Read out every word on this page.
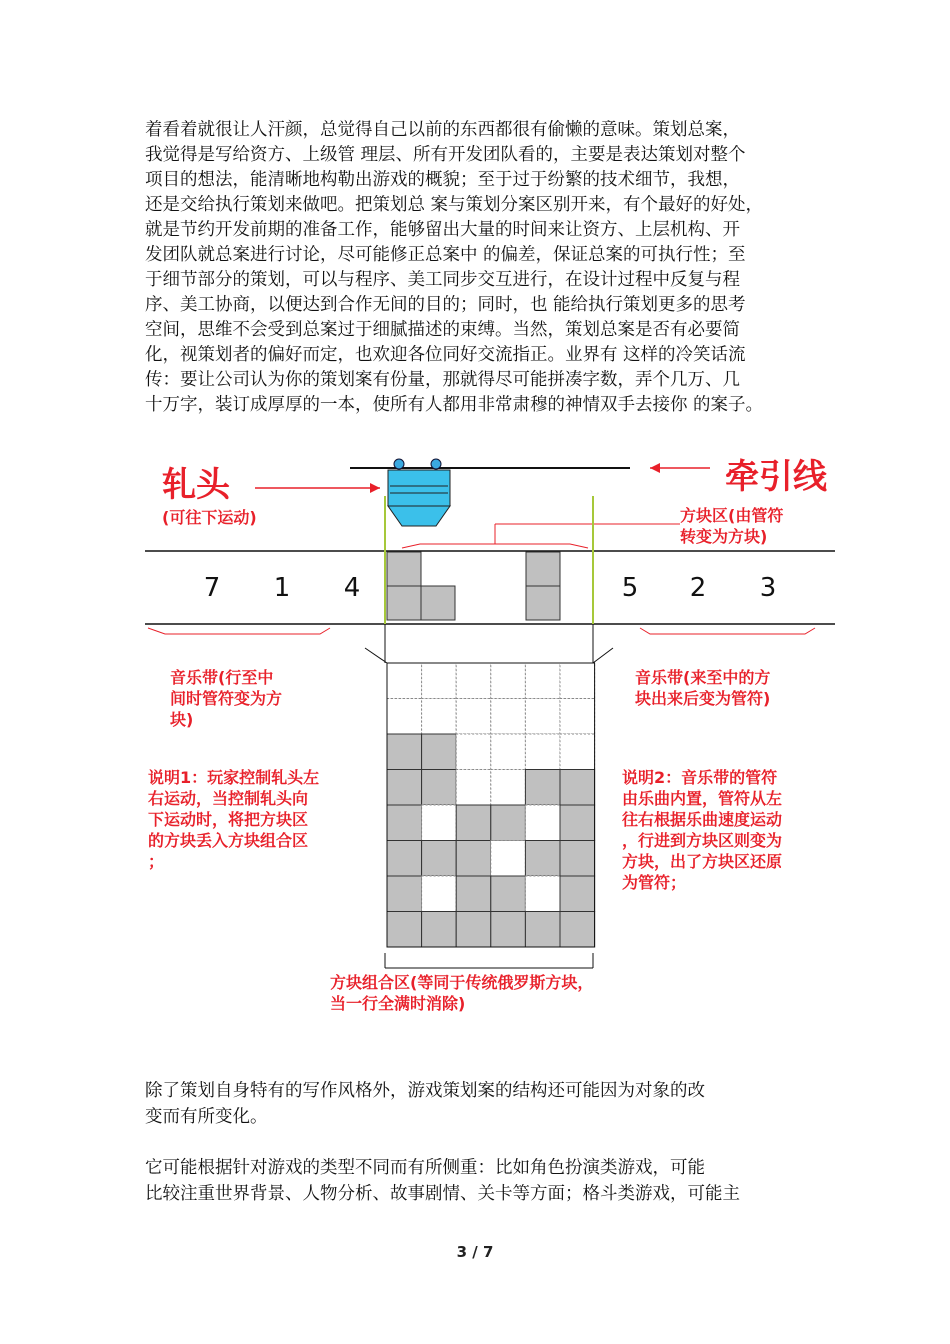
着看着就很让人汗颜，总觉得自己以前的东西都很有偷懒的意味。策划总案，
我觉得是写给资方、上级管 理层、所有开发团队看的，主要是表达策划对整个
项目的想法，能清晰地构勒出游戏的概貌；至于过于纷繁的技术细节，我想，
还是交给执行策划来做吧。把策划总 案与策划分案区别开来，有个最好的好处，
就是节约开发前期的准备工作，能够留出大量的时间来让资方、上层机构、开
发团队就总案进行讨论，尽可能修正总案中 的偏差，保证总案的可执行性；至
于细节部分的策划，可以与程序、美工同步交互进行，在设计过程中反复与程
序、美工协商，以便达到合作无间的目的；同时，也 能给执行策划更多的思考
空间，思维不会受到总案过于细腻描述的束缚。当然，策划总案是否有必要简
化，视策划者的偏好而定，也欢迎各位同好交流指正。业界有 这样的冷笑话流
传：要让公司认为你的策划案有份量，那就得尽可能拼凑字数，弄个几万、几
十万字，装订成厚厚的一本，使所有人都用非常肃穆的神情双手去接你 的案子。
轧头
(可往下运动)
牵引线
方块区(由管符
转变为方块)
7 1 4	5 2 3
音乐带(行至中
间时管符变为方
块)
音乐带(来至中的方
块出来后变为管符)
说明1：玩家控制轧头左
右运动，当控制轧头向
下运动时，将把方块区
的方块丢入方块组合区
；
说明2：音乐带的管符
由乐曲内置，管符从左
往右根据乐曲速度运动
，行进到方块区则变为
方块，出了方块区还原
为管符；
方块组合区(等同于传统俄罗斯方块，
当一行全满时消除)
除了策划自身特有的写作风格外，游戏策划案的结构还可能因为对象的改
变而有所变化。
它可能根据针对游戏的类型不同而有所侧重：比如角色扮演类游戏，可能
比较注重世界背景、人物分析、故事剧情、关卡等方面；格斗类游戏，可能主
3 / 7
